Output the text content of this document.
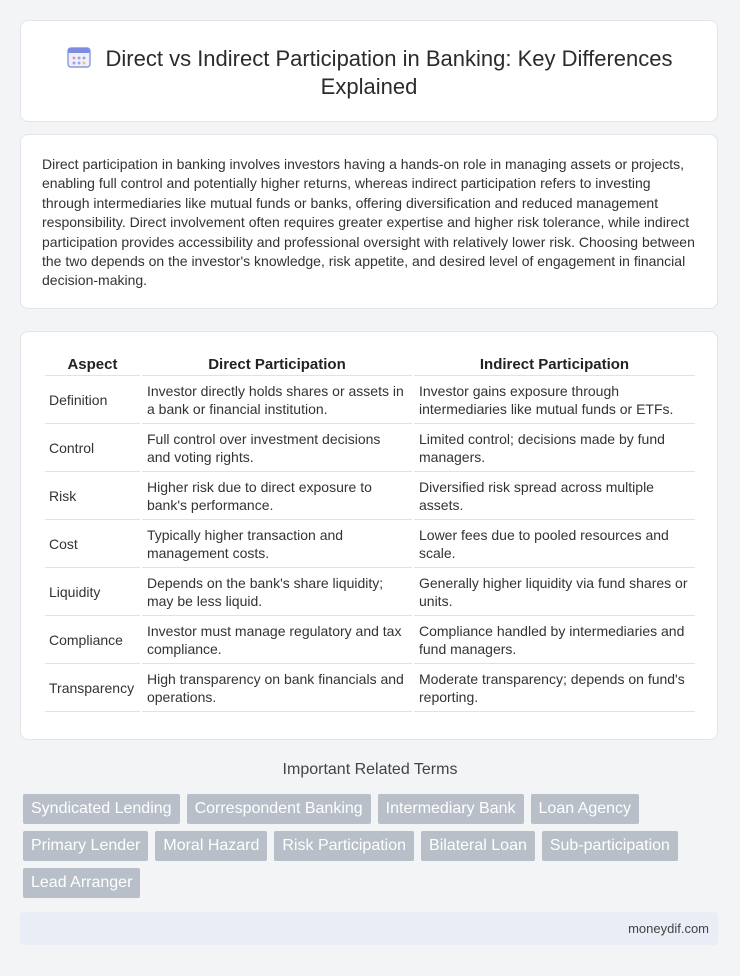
Direct vs Indirect Participation in Banking: Key Differences Explained
Direct participation in banking involves investors having a hands-on role in managing assets or projects, enabling full control and potentially higher returns, whereas indirect participation refers to investing through intermediaries like mutual funds or banks, offering diversification and reduced management responsibility. Direct involvement often requires greater expertise and higher risk tolerance, while indirect participation provides accessibility and professional oversight with relatively lower risk. Choosing between the two depends on the investor's knowledge, risk appetite, and desired level of engagement in financial decision-making.
Aspect	Direct Participation	Indirect Participation
Definition	Investor directly holds shares or assets in a bank or financial institution.	Investor gains exposure through intermediaries like mutual funds or ETFs.
Control	Full control over investment decisions and voting rights.	Limited control; decisions made by fund managers.
Risk	Higher risk due to direct exposure to bank's performance.	Diversified risk spread across multiple assets.
Cost	Typically higher transaction and management costs.	Lower fees due to pooled resources and scale.
Liquidity	Depends on the bank's share liquidity; may be less liquid.	Generally higher liquidity via fund shares or units.
Compliance	Investor must manage regulatory and tax compliance.	Compliance handled by intermediaries and fund managers.
Transparency	High transparency on bank financials and operations.	Moderate transparency; depends on fund's reporting.
Important Related Terms
Syndicated Lending	Correspondent Banking	Intermediary Bank	Loan Agency
Primary Lender	Moral Hazard	Risk Participation	Bilateral Loan	Sub-participation
Lead Arranger
moneydif.com
